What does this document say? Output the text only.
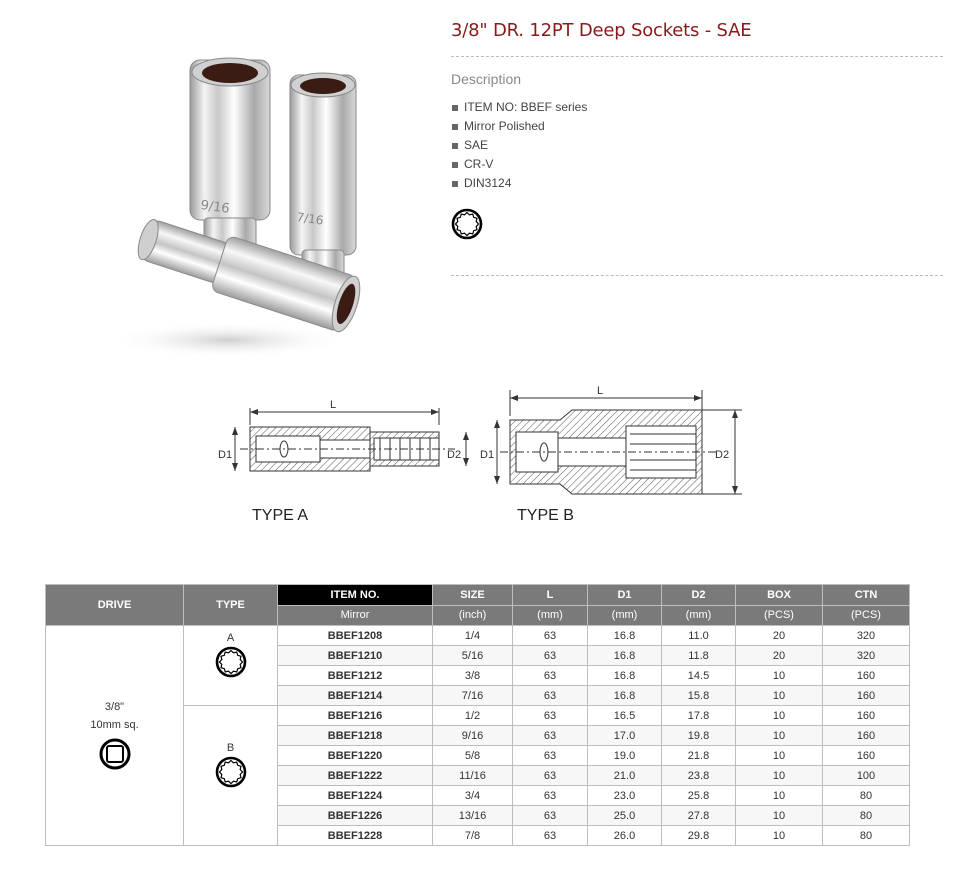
9/16
7/16
3/8" DR. 12PT Deep Sockets - SAE
Description
ITEM NO: BBEF series
Mirror Polished
SAE
CR-V
DIN3124
L
D1	D2
TYPE A
L
D1	D2
TYPE B
DRIVE	TYPE	ITEM NO.	SIZE	L	D1	D2	BOX	CTN
		Mirror	(inch)	(mm)	(mm)	(mm)	(PCS)	(PCS)

3/8"
10mm sq.	A	BBEF1208	1/4	63	16.8	11.0	20	320
		BBEF1210	5/16	63	16.8	11.8	20	320
		BBEF1212	3/8	63	16.8	14.5	10	160
		BBEF1214	7/16	63	16.8	15.8	10	160

	B	BBEF1216	1/2	63	16.5	17.8	10	160
		BBEF1218	9/16	63	17.0	19.8	10	160
		BBEF1220	5/8	63	19.0	21.8	10	160
		BBEF1222	11/16	63	21.0	23.8	10	100
		BBEF1224	3/4	63	23.0	25.8	10	80
		BBEF1226	13/16	63	25.0	27.8	10	80
		BBEF1228	7/8	63	26.0	29.8	10	80
